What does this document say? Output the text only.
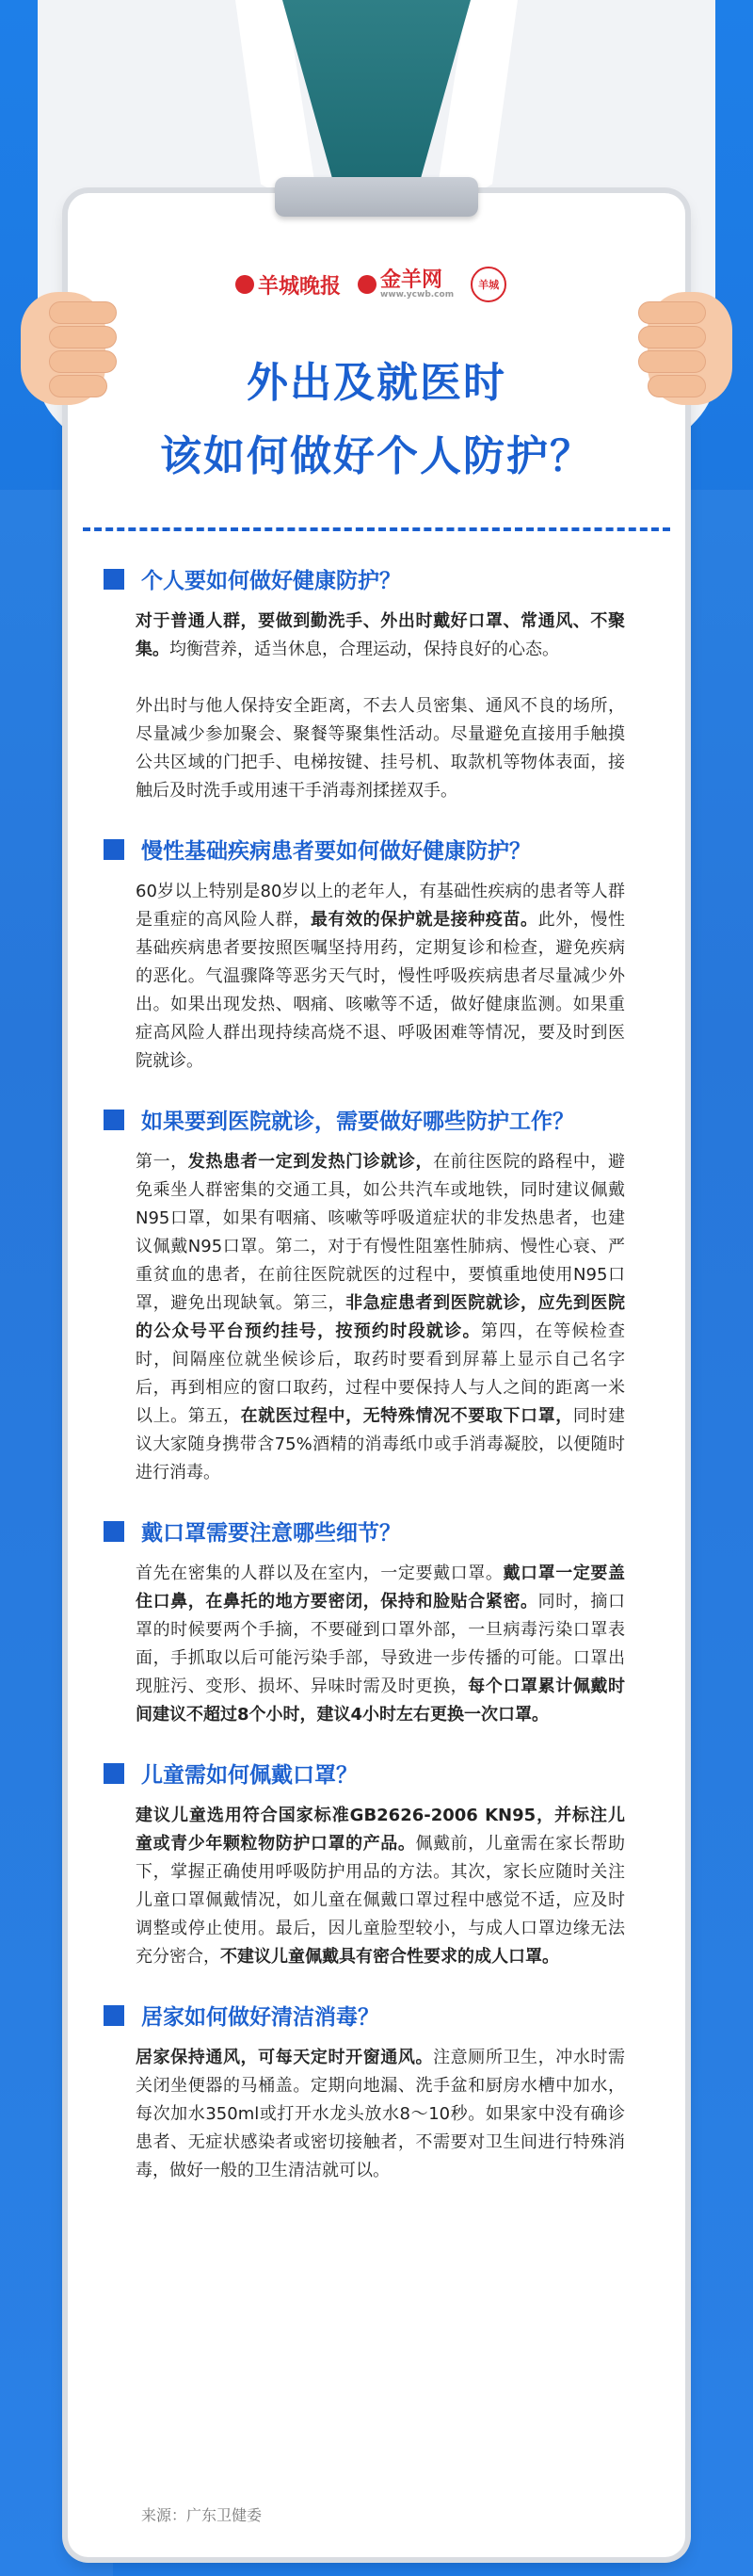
羊城晚报 金羊网
www.ycwb.com
羊城
外出及就医时
该如何做好个人防护？
个人要如何做好健康防护？

对于普通人群，要做到勤洗手、外出时戴好口罩、常通风、不聚集。均衡营养，适当休息，合理运动，保持良好的心态。

外出时与他人保持安全距离，不去人员密集、通风不良的场所，尽量减少参加聚会、聚餐等聚集性活动。尽量避免直接用手触摸公共区域的门把手、电梯按键、挂号机、取款机等物体表面，接触后及时洗手或用速干手消毒剂揉搓双手。

慢性基础疾病患者要如何做好健康防护？

60岁以上特别是80岁以上的老年人，有基础性疾病的患者等人群是重症的高风险人群，最有效的保护就是接种疫苗。此外，慢性基础疾病患者要按照医嘱坚持用药，定期复诊和检查，避免疾病的恶化。气温骤降等恶劣天气时，慢性呼吸疾病患者尽量减少外出。如果出现发热、咽痛、咳嗽等不适，做好健康监测。如果重症高风险人群出现持续高烧不退、呼吸困难等情况，要及时到医院就诊。

如果要到医院就诊，需要做好哪些防护工作？

第一，发热患者一定到发热门诊就诊，在前往医院的路程中，避免乘坐人群密集的交通工具，如公共汽车或地铁，同时建议佩戴N95口罩，如果有咽痛、咳嗽等呼吸道症状的非发热患者，也建议佩戴N95口罩。第二，对于有慢性阻塞性肺病、慢性心衰、严重贫血的患者，在前往医院就医的过程中，要慎重地使用N95口罩，避免出现缺氧。第三，非急症患者到医院就诊，应先到医院的公众号平台预约挂号，按预约时段就诊。第四，在等候检查时，间隔座位就坐候诊后，取药时要看到屏幕上显示自己名字后，再到相应的窗口取药，过程中要保持人与人之间的距离一米以上。第五，在就医过程中，无特殊情况不要取下口罩，同时建议大家随身携带含75%酒精的消毒纸巾或手消毒凝胶，以便随时进行消毒。

戴口罩需要注意哪些细节？

首先在密集的人群以及在室内，一定要戴口罩。戴口罩一定要盖住口鼻，在鼻托的地方要密闭，保持和脸贴合紧密。同时，摘口罩的时候要两个手摘，不要碰到口罩外部，一旦病毒污染口罩表面，手抓取以后可能污染手部，导致进一步传播的可能。口罩出现脏污、变形、损坏、异味时需及时更换，每个口罩累计佩戴时间建议不超过8个小时，建议4小时左右更换一次口罩。

儿童需如何佩戴口罩？

建议儿童选用符合国家标准GB2626-2006 KN95，并标注儿童或青少年颗粒物防护口罩的产品。佩戴前，儿童需在家长帮助下，掌握正确使用呼吸防护用品的方法。其次，家长应随时关注儿童口罩佩戴情况，如儿童在佩戴口罩过程中感觉不适，应及时调整或停止使用。最后，因儿童脸型较小，与成人口罩边缘无法充分密合，不建议儿童佩戴具有密合性要求的成人口罩。

居家如何做好清洁消毒？

居家保持通风，可每天定时开窗通风。注意厕所卫生，冲水时需关闭坐便器的马桶盖。定期向地漏、洗手盆和厨房水槽中加水，每次加水350ml或打开水龙头放水8～10秒。如果家中没有确诊患者、无症状感染者或密切接触者，不需要对卫生间进行特殊消毒，做好一般的卫生清洁就可以。

来源：广东卫健委
